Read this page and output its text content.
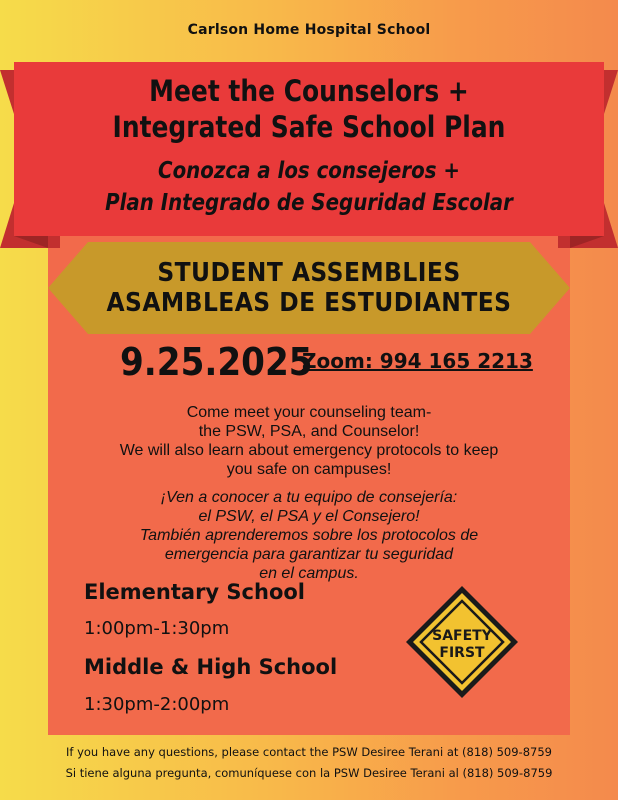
Carlson Home Hospital School
Meet the Counselors +
Integrated Safe School Plan
Conozca a los consejeros +
Plan Integrado de Seguridad Escolar
STUDENT ASSEMBLIES
ASAMBLEAS DE ESTUDIANTES
9.25.2025
Zoom: 994 165 2213
Come meet your counseling team-
the PSW, PSA, and Counselor!
We will also learn about emergency protocols to keep
you safe on campuses!
¡Ven a conocer a tu equipo de consejería:
el PSW, el PSA y el Consejero!
También aprenderemos sobre los protocolos de
emergencia para garantizar tu seguridad
en el campus.
Elementary School
1:00pm-1:30pm
Middle & High School
1:30pm-2:00pm
SAFETY
FIRST
If you have any questions, please contact the PSW Desiree Terani at (818) 509-8759
Si tiene alguna pregunta, comuníquese con la PSW Desiree Terani al (818) 509-8759
